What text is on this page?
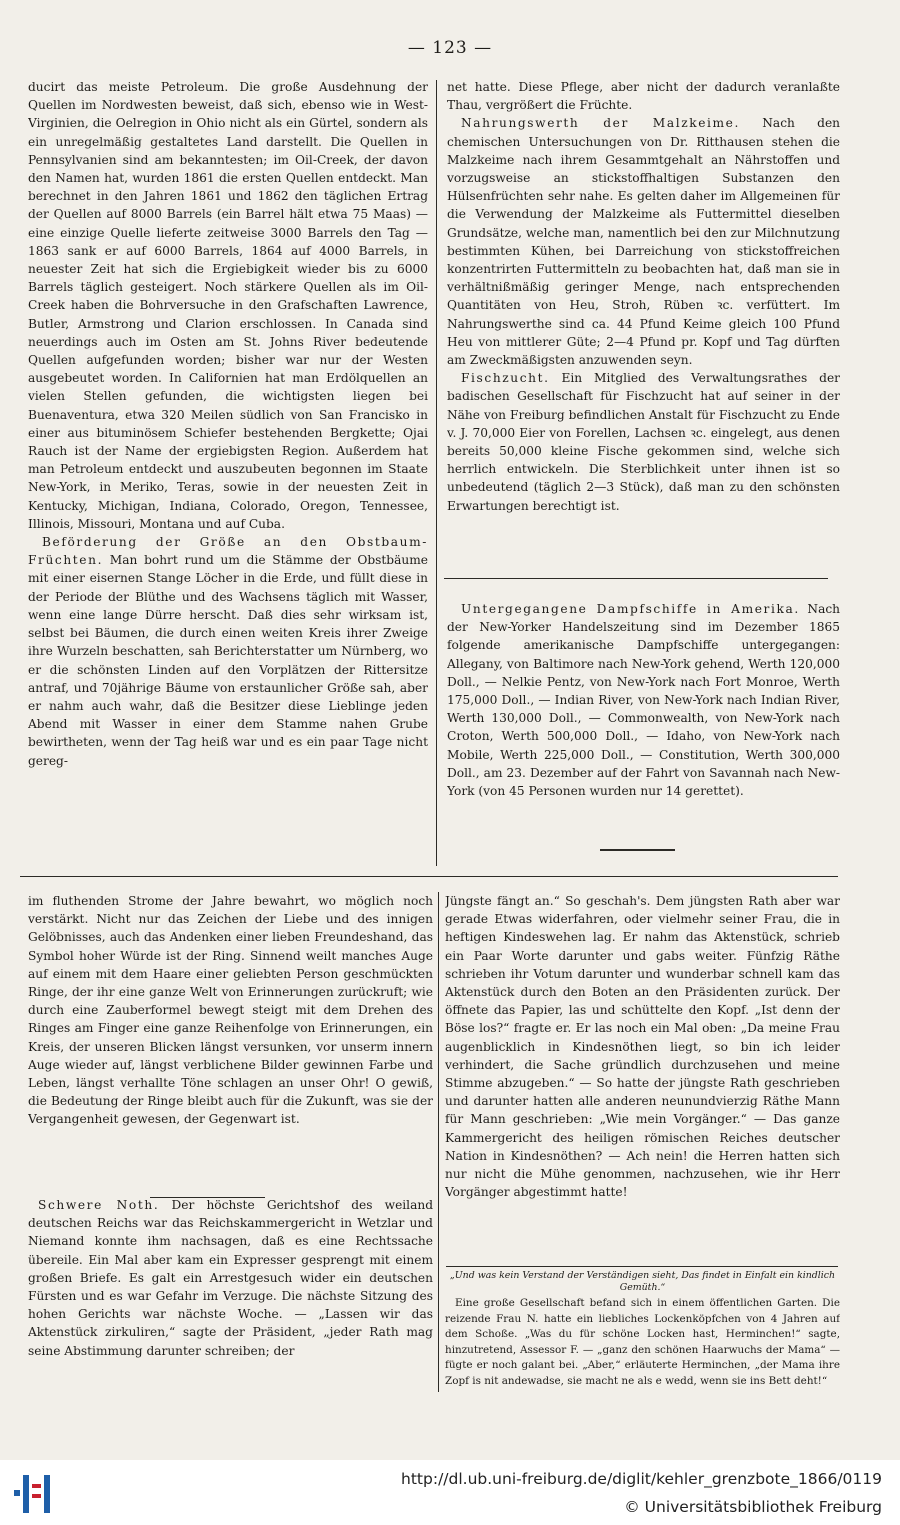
— 123 —

ducirt das meiste Petroleum. Die große Ausdehnung der Quellen im Nordwesten beweist, daß sich, ebenso wie in West-Virginien, die Oelregion in Ohio nicht als ein Gürtel, sondern als ein unregelmäßig gestaltetes Land darstellt. Die Quellen in Pennsylvanien sind am bekanntesten; im Oil-Creek, der davon den Namen hat, wurden 1861 die ersten Quellen entdeckt. Man berechnet in den Jahren 1861 und 1862 den täglichen Ertrag der Quellen auf 8000 Barrels (ein Barrel hält etwa 75 Maas) — eine einzige Quelle lieferte zeitweise 3000 Barrels den Tag — 1863 sank er auf 6000 Barrels, 1864 auf 4000 Barrels, in neuester Zeit hat sich die Ergiebigkeit wieder bis zu 6000 Barrels täglich gesteigert. Noch stärkere Quellen als im Oil-Creek haben die Bohrversuche in den Grafschaften Lawrence, Butler, Armstrong und Clarion erschlossen. In Canada sind neuerdings auch im Osten am St. Johns River bedeutende Quellen aufgefunden worden; bisher war nur der Westen ausgebeutet worden. In Californien hat man Erdölquellen an vielen Stellen gefunden, die wichtigsten liegen bei Buenaventura, etwa 320 Meilen südlich von San Francisko in einer aus bituminösem Schiefer bestehenden Bergkette; Ojai Rauch ist der Name der ergiebigsten Region. Außerdem hat man Petroleum entdeckt und auszubeuten begonnen im Staate New-York, in Meriko, Teras, sowie in der neuesten Zeit in Kentucky, Michigan, Indiana, Colorado, Oregon, Tennessee, Illinois, Missouri, Montana und auf Cuba.

Beförderung der Größe an den Obstbaum-Früchten. Man bohrt rund um die Stämme der Obstbäume mit einer eisernen Stange Löcher in die Erde, und füllt diese in der Periode der Blüthe und des Wachsens täglich mit Wasser, wenn eine lange Dürre herscht. Daß dies sehr wirksam ist, selbst bei Bäumen, die durch einen weiten Kreis ihrer Zweige ihre Wurzeln beschatten, sah Berichterstatter um Nürnberg, wo er die schönsten Linden auf den Vorplätzen der Rittersitze antraf, und 70jährige Bäume von erstaunlicher Größe sah, aber er nahm auch wahr, daß die Besitzer diese Lieblinge jeden Abend mit Wasser in einer dem Stamme nahen Grube bewirtheten, wenn der Tag heiß war und es ein paar Tage nicht gereg-

net hatte. Diese Pflege, aber nicht der dadurch veranlaßte Thau, vergrößert die Früchte.

Nahrungswerth der Malzkeime. Nach den chemischen Untersuchungen von Dr. Ritthausen stehen die Malzkeime nach ihrem Gesammtgehalt an Nährstoffen und vorzugsweise an stickstoffhaltigen Substanzen den Hülsenfrüchten sehr nahe. Es gelten daher im Allgemeinen für die Verwendung der Malzkeime als Futtermittel dieselben Grundsätze, welche man, namentlich bei den zur Milchnutzung bestimmten Kühen, bei Darreichung von stickstoffreichen konzentrirten Futtermitteln zu beobachten hat, daß man sie in verhältnißmäßig geringer Menge, nach entsprechenden Quantitäten von Heu, Stroh, Rüben ꝛc. verfüttert. Im Nahrungswerthe sind ca. 44 Pfund Keime gleich 100 Pfund Heu von mittlerer Güte; 2—4 Pfund pr. Kopf und Tag dürften am Zweckmäßigsten anzuwenden seyn.

Fischzucht. Ein Mitglied des Verwaltungsrathes der badischen Gesellschaft für Fischzucht hat auf seiner in der Nähe von Freiburg befindlichen Anstalt für Fischzucht zu Ende v. J. 70,000 Eier von Forellen, Lachsen ꝛc. eingelegt, aus denen bereits 50,000 kleine Fische gekommen sind, welche sich herrlich entwickeln. Die Sterblichkeit unter ihnen ist so unbedeutend (täglich 2—3 Stück), daß man zu den schönsten Erwartungen berechtigt ist.

Untergegangene Dampfschiffe in Amerika. Nach der New-Yorker Handelszeitung sind im Dezember 1865 folgende amerikanische Dampfschiffe untergegangen: Allegany, von Baltimore nach New-York gehend, Werth 120,000 Doll., — Nelkie Pentz, von New-York nach Fort Monroe, Werth 175,000 Doll., — Indian River, von New-York nach Indian River, Werth 130,000 Doll., — Commonwealth, von New-York nach Croton, Werth 500,000 Doll., — Idaho, von New-York nach Mobile, Werth 225,000 Doll., — Constitution, Werth 300,000 Doll., am 23. Dezember auf der Fahrt von Savannah nach New-York (von 45 Personen wurden nur 14 gerettet).

im fluthenden Strome der Jahre bewahrt, wo möglich noch verstärkt. Nicht nur das Zeichen der Liebe und des innigen Gelöbnisses, auch das Andenken einer lieben Freundeshand, das Symbol hoher Würde ist der Ring. Sinnend weilt manches Auge auf einem mit dem Haare einer geliebten Person geschmückten Ringe, der ihr eine ganze Welt von Erinnerungen zurückruft; wie durch eine Zauberformel bewegt steigt mit dem Drehen des Ringes am Finger eine ganze Reihenfolge von Erinnerungen, ein Kreis, der unseren Blicken längst versunken, vor unserm innern Auge wieder auf, längst verblichene Bilder gewinnen Farbe und Leben, längst verhallte Töne schlagen an unser Ohr! O gewiß, die Bedeutung der Ringe bleibt auch für die Zukunft, was sie der Vergangenheit gewesen, der Gegenwart ist.

Schwere Noth. Der höchste Gerichtshof des weiland deutschen Reichs war das Reichskammergericht in Wetzlar und Niemand konnte ihm nachsagen, daß es eine Rechtssache übereile. Ein Mal aber kam ein Expresser gesprengt mit einem großen Briefe. Es galt ein Arrestgesuch wider ein deutschen Fürsten und es war Gefahr im Verzuge. Die nächste Sitzung des hohen Gerichts war nächste Woche. — „Lassen wir das Aktenstück zirkuliren,“ sagte der Präsident, „jeder Rath mag seine Abstimmung darunter schreiben; der

Jüngste fängt an.“ So geschah's. Dem jüngsten Rath aber war gerade Etwas widerfahren, oder vielmehr seiner Frau, die in heftigen Kindeswehen lag. Er nahm das Aktenstück, schrieb ein Paar Worte darunter und gabs weiter. Fünfzig Räthe schrieben ihr Votum darunter und wunderbar schnell kam das Aktenstück durch den Boten an den Präsidenten zurück. Der öffnete das Papier, las und schüttelte den Kopf. „Ist denn der Böse los?“ fragte er. Er las noch ein Mal oben: „Da meine Frau augenblicklich in Kindesnöthen liegt, so bin ich leider verhindert, die Sache gründlich durchzusehen und meine Stimme abzugeben.“ — So hatte der jüngste Rath geschrieben und darunter hatten alle anderen neunundvierzig Räthe Mann für Mann geschrieben: „Wie mein Vorgänger.“ — Das ganze Kammergericht des heiligen römischen Reiches deutscher Nation in Kindesnöthen? — Ach nein! die Herren hatten sich nur nicht die Mühe genommen, nachzusehen, wie ihr Herr Vorgänger abgestimmt hatte!

„Und was kein Verstand der Verständigen sieht, Das findet in Einfalt ein kindlich Gemüth.“

Eine große Gesellschaft befand sich in einem öffentlichen Garten. Die reizende Frau N. hatte ein liebliches Lockenköpfchen von 4 Jahren auf dem Schoße. „Was du für schöne Locken hast, Herminchen!“ sagte, hinzutretend, Assessor F. — „ganz den schönen Haarwuchs der Mama“ — fügte er noch galant bei. „Aber,“ erläuterte Herminchen, „der Mama ihre Zopf is nit andewadse, sie macht ne als e wedd, wenn sie ins Bett deht!“

http://dl.ub.uni-freiburg.de/diglit/kehler_grenzbote_1866/0119
© Universitätsbibliothek Freiburg
